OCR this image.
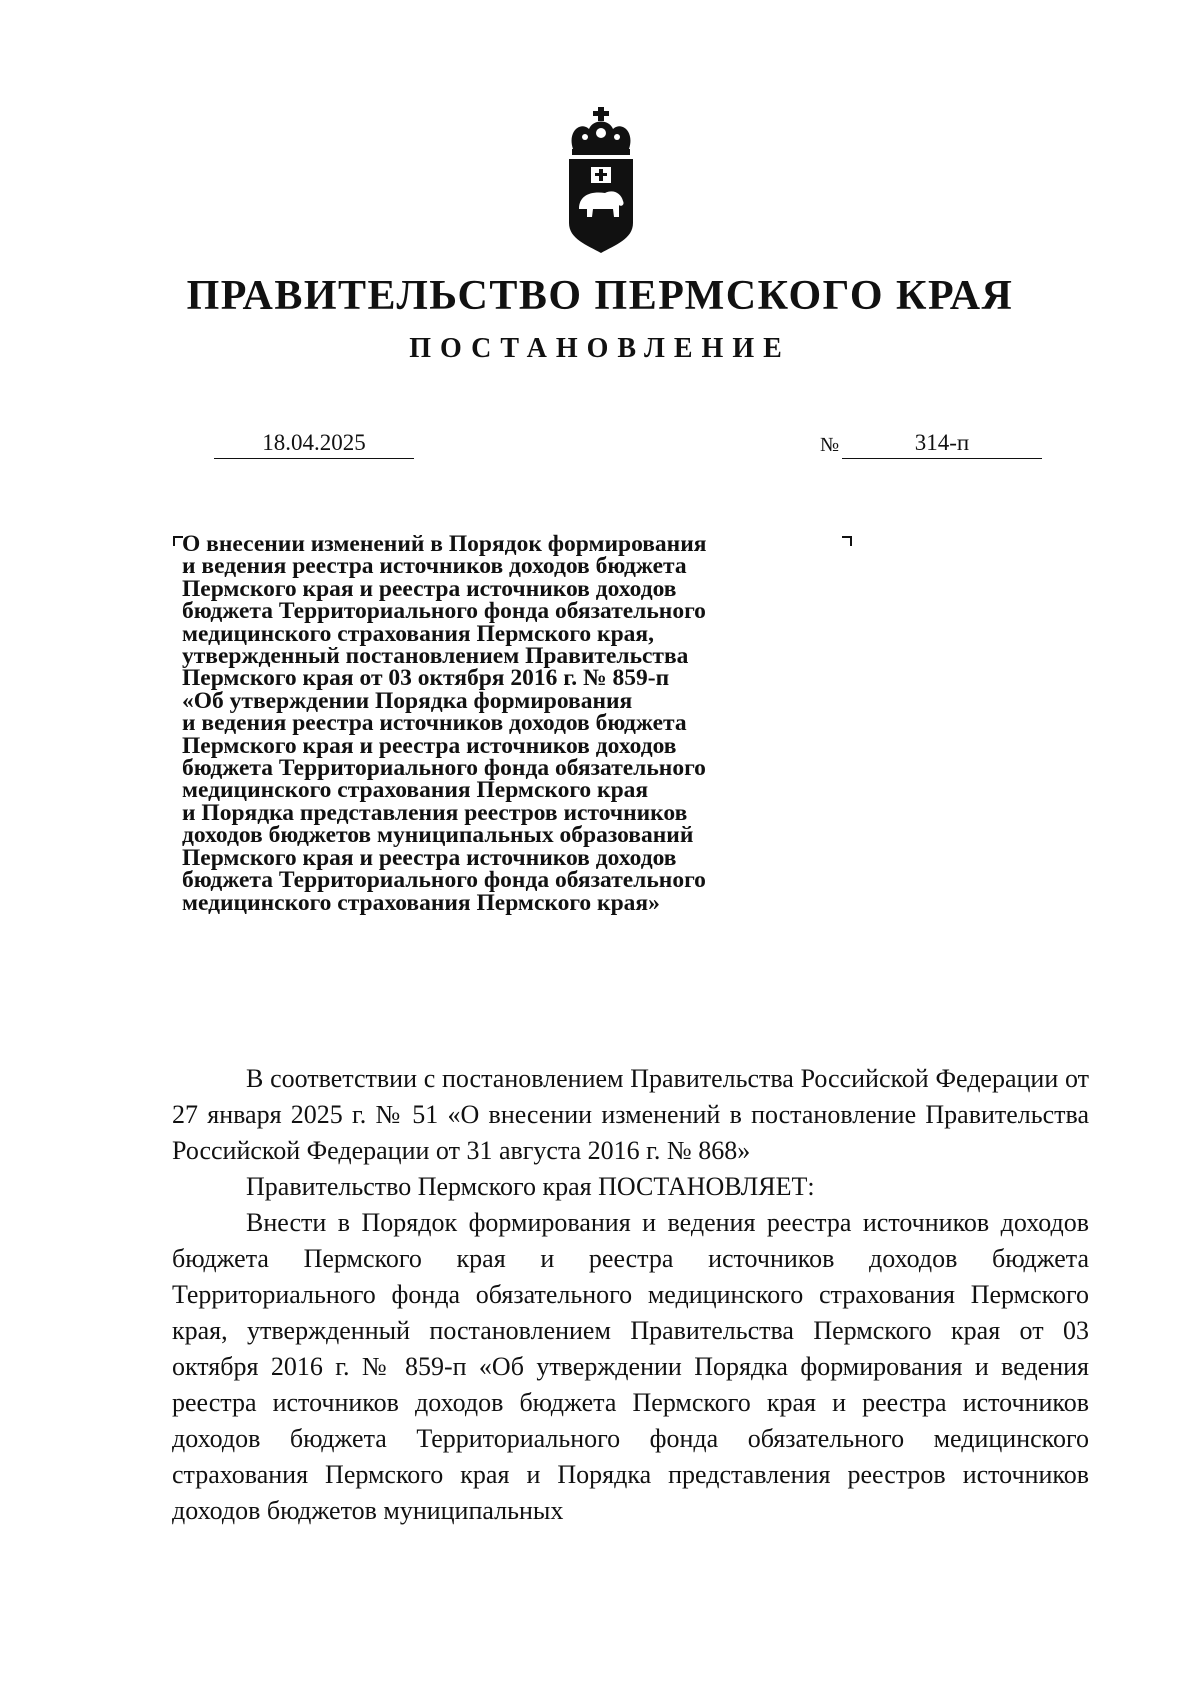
ПРАВИТЕЛЬСТВО ПЕРМСКОГО КРАЯ
ПОСТАНОВЛЕНИЕ
18.04.2025	№	314-п
О внесении изменений в Порядок формирования
и ведения реестра источников доходов бюджета
Пермского края и реестра источников доходов
бюджета Территориального фонда обязательного
медицинского страхования Пермского края,
утвержденный постановлением Правительства
Пермского края от 03 октября 2016 г. № 859-п
«Об утверждении Порядка формирования
и ведения реестра источников доходов бюджета
Пермского края и реестра источников доходов
бюджета Территориального фонда обязательного
медицинского страхования Пермского края
и Порядка представления реестров источников
доходов бюджетов муниципальных образований
Пермского края и реестра источников доходов
бюджета Территориального фонда обязательного
медицинского страхования Пермского края»

В соответствии с постановлением Правительства Российской Федерации от 27 января 2025 г. № 51 «О внесении изменений в постановление Правительства Российской Федерации от 31 августа 2016 г. № 868»

Правительство Пермского края ПОСТАНОВЛЯЕТ:

Внести в Порядок формирования и ведения реестра источников доходов бюджета Пермского края и реестра источников доходов бюджета Территориального фонда обязательного медицинского страхования Пермского края, утвержденный постановлением Правительства Пермского края от 03 октября 2016 г. № 859-п «Об утверждении Порядка формирования и ведения реестра источников доходов бюджета Пермского края и реестра источников доходов бюджета Территориального фонда обязательного медицинского страхования Пермского края и Порядка представления реестров источников доходов бюджетов муниципальных
